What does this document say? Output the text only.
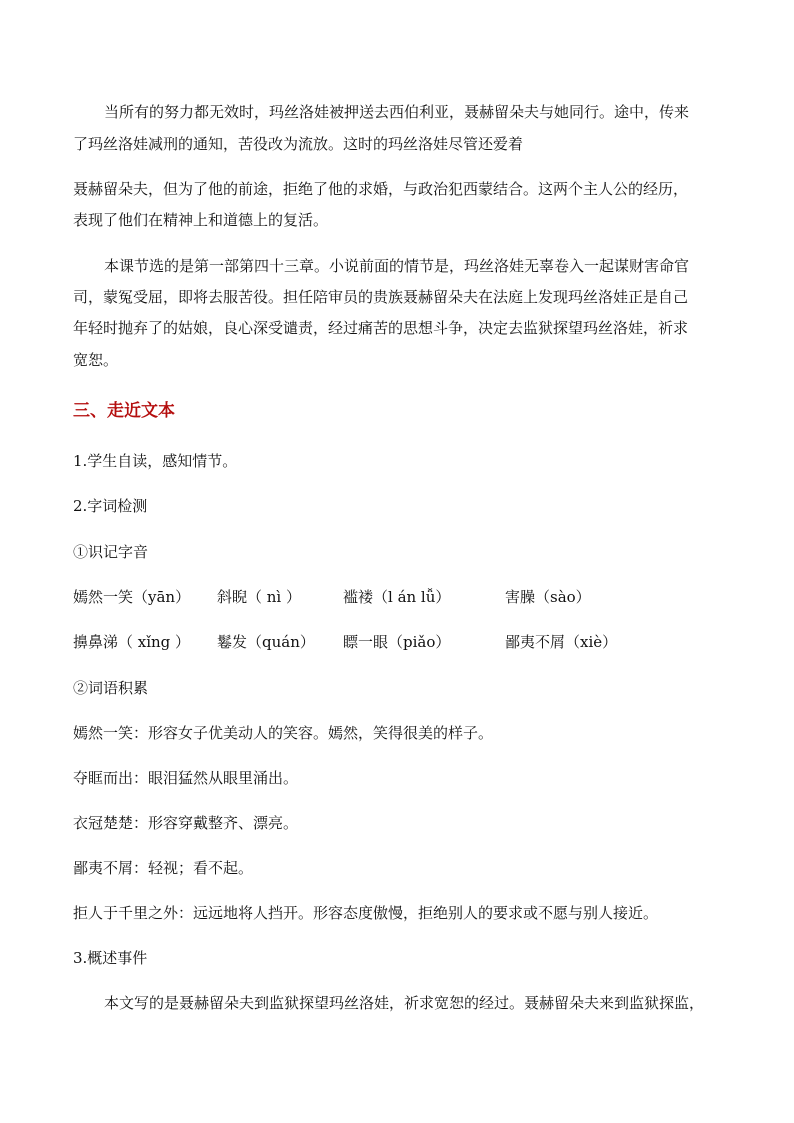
当所有的努力都无效时，玛丝洛娃被押送去西伯利亚，聂赫留朵夫与她同行。途中，传来
了玛丝洛娃减刑的通知，苦役改为流放。这时的玛丝洛娃尽管还爱着
聂赫留朵夫，但为了他的前途，拒绝了他的求婚，与政治犯西蒙结合。这两个主人公的经历，
表现了他们在精神上和道德上的复活。
本课节选的是第一部第四十三章。小说前面的情节是，玛丝洛娃无辜卷入一起谋财害命官
司，蒙冤受屈，即将去服苦役。担任陪审员的贵族聂赫留朵夫在法庭上发现玛丝洛娃正是自己
年轻时抛弃了的姑娘，良心深受谴责，经过痛苦的思想斗争，决定去监狱探望玛丝洛娃，祈求
宽恕。
三、走近文本
1.学生自读，感知情节。
2.字词检测
①识记字音
嫣然一笑（yān） 斜睨（ nì ）	褴褛（l án lǚ）	害臊（sào）
擤鼻涕（ xǐng ） 鬈发（quán） 瞟一眼（piǎo）	鄙夷不屑（xiè）
②词语积累
嫣然一笑：形容女子优美动人的笑容。嫣然，笑得很美的样子。
夺眶而出：眼泪猛然从眼里涌出。
衣冠楚楚：形容穿戴整齐、漂亮。
鄙夷不屑：轻视；看不起。
拒人于千里之外：远远地将人挡开。形容态度傲慢，拒绝别人的要求或不愿与别人接近。
3.概述事件
本文写的是聂赫留朵夫到监狱探望玛丝洛娃，祈求宽恕的经过。聂赫留朵夫来到监狱探监，
